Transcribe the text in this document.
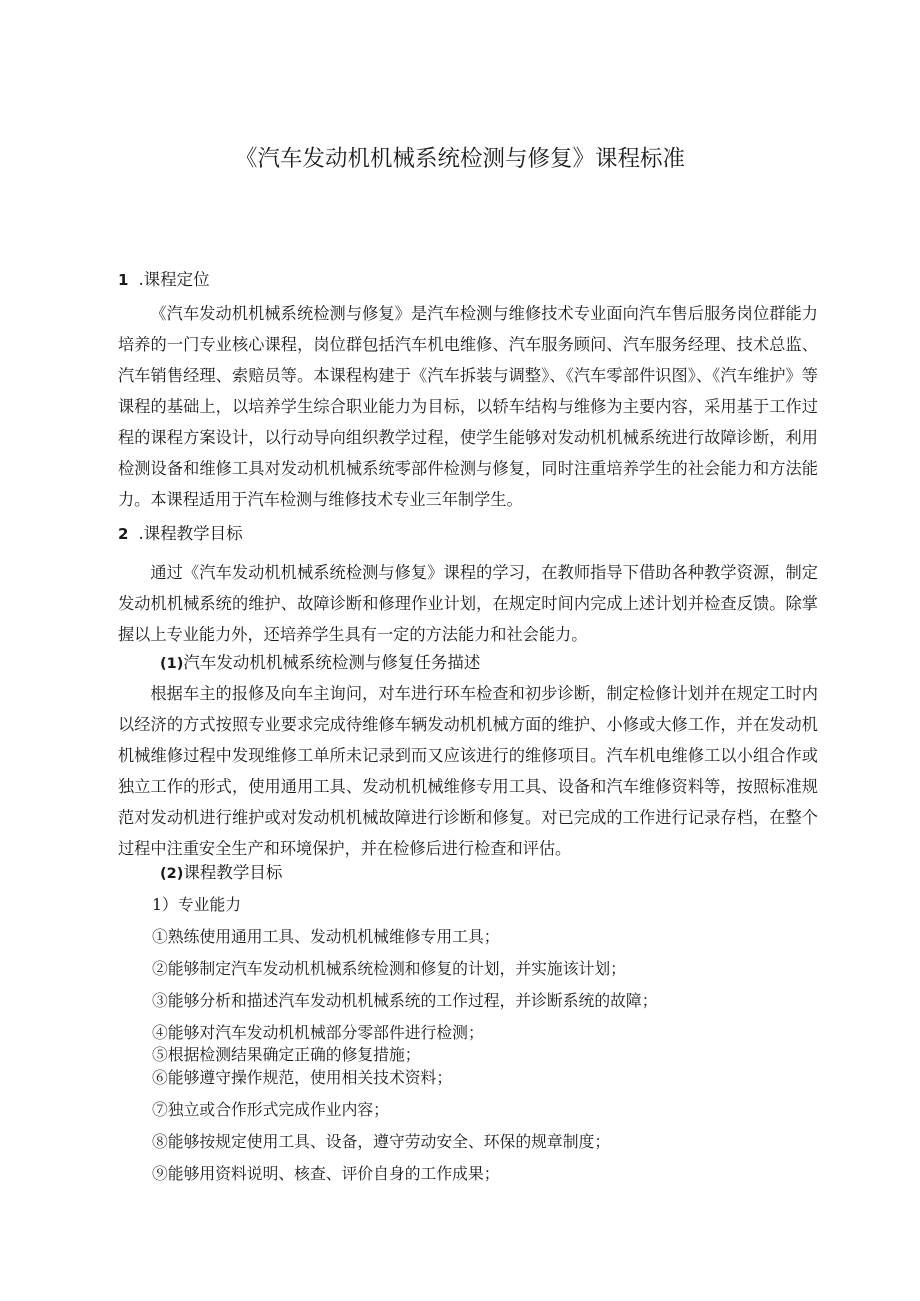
《汽车发动机机械系统检测与修复》课程标准
1 .课程定位

《汽车发动机机械系统检测与修复》是汽车检测与维修技术专业面向汽车售后服务岗位群能力培养的一门专业核心课程，岗位群包括汽车机电维修、汽车服务顾问、汽车服务经理、技术总监、汽车销售经理、索赔员等。本课程构建于《汽车拆装与调整》、《汽车零部件识图》、《汽车维护》等课程的基础上，以培养学生综合职业能力为目标，以轿车结构与维修为主要内容，采用基于工作过程的课程方案设计，以行动导向组织教学过程，使学生能够对发动机机械系统进行故障诊断，利用检测设备和维修工具对发动机机械系统零部件检测与修复，同时注重培养学生的社会能力和方法能力。本课程适用于汽车检测与维修技术专业三年制学生。

2 .课程教学目标

通过《汽车发动机机械系统检测与修复》课程的学习，在教师指导下借助各种教学资源，制定发动机机械系统的维护、故障诊断和修理作业计划，在规定时间内完成上述计划并检查反馈。除掌握以上专业能力外，还培养学生具有一定的方法能力和社会能力。

(1)汽车发动机机械系统检测与修复任务描述

根据车主的报修及向车主询问，对车进行环车检查和初步诊断，制定检修计划并在规定工时内以经济的方式按照专业要求完成待维修车辆发动机机械方面的维护、小修或大修工作，并在发动机机械维修过程中发现维修工单所未记录到而又应该进行的维修项目。汽车机电维修工以小组合作或独立工作的形式，使用通用工具、发动机机械维修专用工具、设备和汽车维修资料等，按照标准规范对发动机进行维护或对发动机机械故障进行诊断和修复。对已完成的工作进行记录存档，在整个过程中注重安全生产和环境保护，并在检修后进行检查和评估。

(2)课程教学目标
1）专业能力
①熟练使用通用工具、发动机机械维修专用工具；
②能够制定汽车发动机机械系统检测和修复的计划，并实施该计划；
③能够分析和描述汽车发动机机械系统的工作过程，并诊断系统的故障；
④能够对汽车发动机机械部分零部件进行检测；
⑤根据检测结果确定正确的修复措施；
⑥能够遵守操作规范，使用相关技术资料；
⑦独立或合作形式完成作业内容；
⑧能够按规定使用工具、设备，遵守劳动安全、环保的规章制度；
⑨能够用资料说明、核查、评价自身的工作成果；
